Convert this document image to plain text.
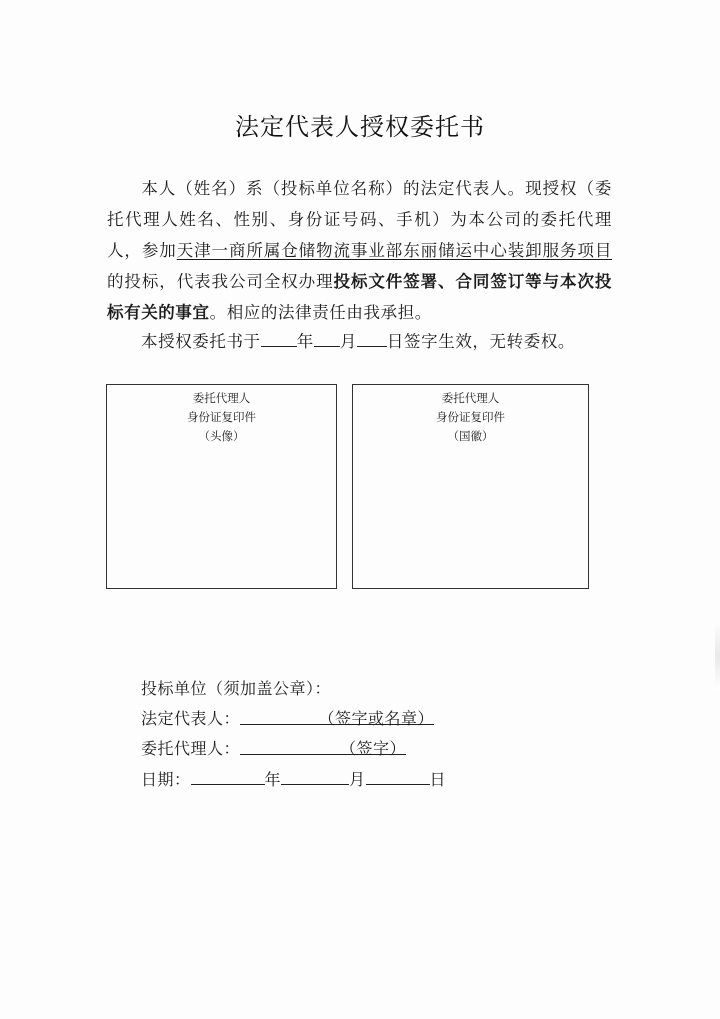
法定代表人授权委托书
本人（姓名）系（投标单位名称）的法定代表人。现授权（委托代理人姓名、性别、身份证号码、手机）为本公司的委托代理人，参加天津一商所属仓储物流事业部东丽储运中心装卸服务项目的投标，代表我公司全权办理投标文件签署、合同签订等与本次投标有关的事宜。相应的法律责任由我承担。
本授权委托书于 年 月 日签字生效，无转委权。
委托代理人
身份证复印件
（头像）
委托代理人
身份证复印件
（国徽）
投标单位（须加盖公章）：
法定代表人：	（签字或名章）
委托代理人：	（签字）
日期：	年	月	日
